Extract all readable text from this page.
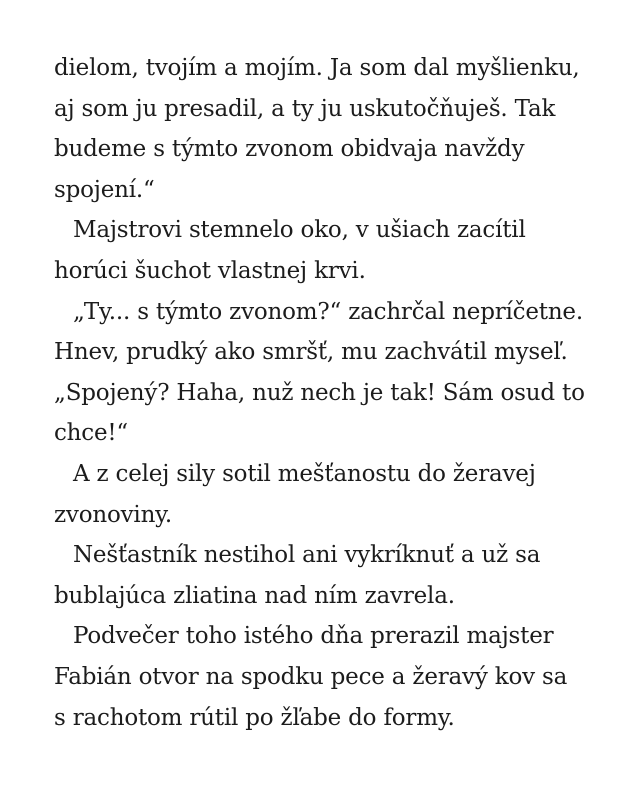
dielom, tvojím a mojím. Ja som dal myšlienku,
aj som ju presadil, a ty ju uskutočňuješ. Tak
budeme s týmto zvonom obidvaja navždy
spojení.“
Majstrovi stemnelo oko, v ušiach zacítil
horúci šuchot vlastnej krvi.
„Ty... s týmto zvonom?“ zachrčal nepríčetne.
Hnev, prudký ako smršť, mu zachvátil myseľ.
„Spojený? Haha, nuž nech je tak! Sám osud to
chce!“
A z celej sily sotil mešťanostu do žeravej
zvonoviny.
Nešťastník nestihol ani vykríknuť a už sa
bublajúca zliatina nad ním zavrela.
Podvečer toho istého dňa prerazil majster
Fabián otvor na spodku pece a žeravý kov sa
s rachotom rútil po žľabe do formy.
